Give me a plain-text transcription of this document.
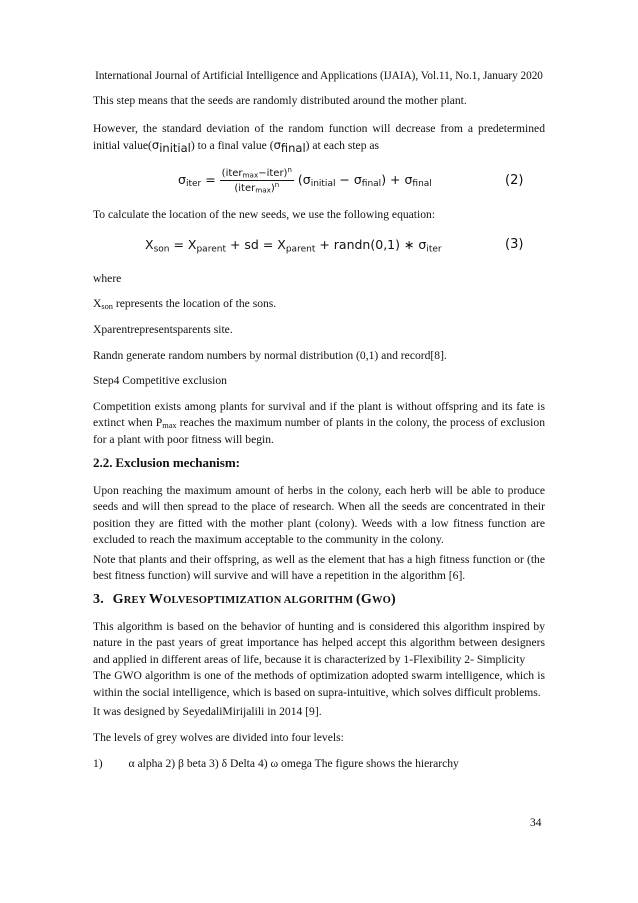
International Journal of Artificial Intelligence and Applications (IJAIA), Vol.11, No.1, January 2020

This step means that the seeds are randomly distributed around the mother plant.

However, the standard deviation of the random function will decrease from a predetermined initial value(σinitial) to a final value (σfinal) at each step as

$\sigma_{iter} = \frac{(iter_{max}-iter)^n}{(iter_{max})^n} (\sigma_{initial} - \sigma_{final}) + \sigma_{final}$	(2)

To calculate the location of the new seeds, we use the following equation:

$X_{son} = X_{parent}$ + sd = $X_{parent}$ + randn(0,1) ∗ $\sigma_{iter}$	(3)

where

$X_{son}$ represents the location of the sons.

Xparentrepresentsparents site.

Randn generate random numbers by normal distribution (0,1) and record[8].

Step4 Competitive exclusion

Competition exists among plants for survival and if the plant is without offspring and its fate is extinct when $P_{max}$ reaches the maximum number of plants in the colony, the process of exclusion for a plant with poor fitness will begin.

2.2. Exclusion mechanism:

Upon reaching the maximum amount of herbs in the colony, each herb will be able to produce seeds and will then spread to the place of research. When all the seeds are concentrated in their position they are fitted with the mother plant (colony). Weeds with a low fitness function are excluded to reach the maximum acceptable to the community in the colony.

Note that plants and their offspring, as well as the element that has a high fitness function or (the best fitness function) will survive and will have a repetition in the algorithm [6].

3. GREY WOLVESOPTIMIZATION ALGORITHM (GWO)

This algorithm is based on the behavior of hunting and is considered this algorithm inspired by nature in the past years of great importance has helped accept this algorithm between designers and applied in different areas of life, because it is characterized by 1-Flexibility 2- Simplicity

The GWO algorithm is one of the methods of optimization adopted swarm intelligence, which is within the social intelligence, which is based on supra-intuitive, which solves difficult problems.

It was designed by SeyedaliMirijalili in 2014 [9].

The levels of grey wolves are divided into four levels:

1) α alpha 2) β beta 3) δ Delta 4) ω omega The figure shows the hierarchy
34
